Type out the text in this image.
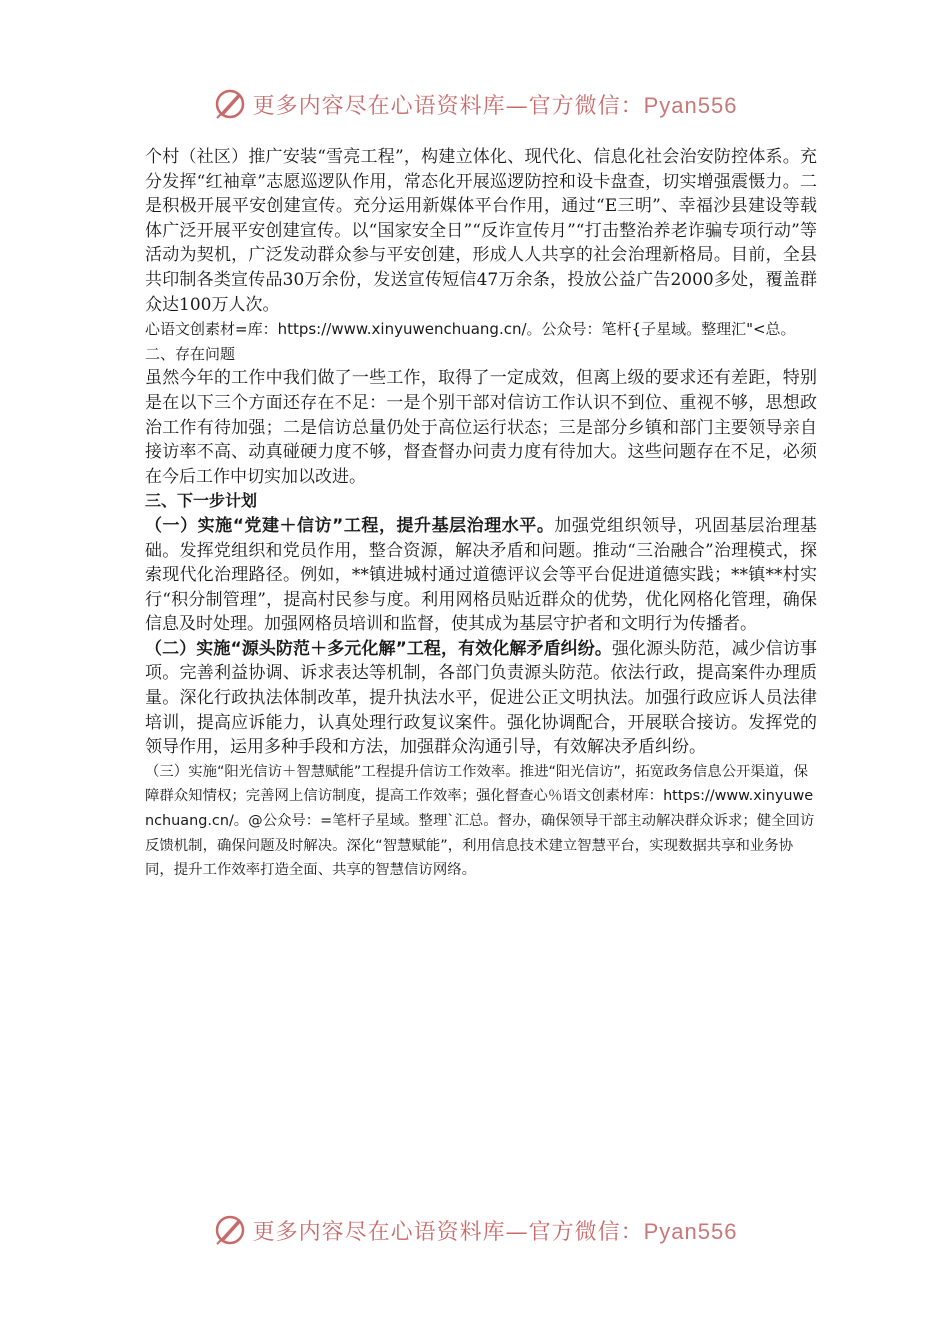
更多内容尽在心语资料库—官方微信：Pyan556

个村（社区）推广安装“雪亮工程”，构建立体化、现代化、信息化社会治安防控体系。充分发挥“红袖章”志愿巡逻队作用，常态化开展巡逻防控和设卡盘查，切实增强震慑力。二是积极开展平安创建宣传。充分运用新媒体平台作用，通过“E三明”、幸福沙县建设等载体广泛开展平安创建宣传。以“国家安全日”“反诈宣传月”“打击整治养老诈骗专项行动”等活动为契机，广泛发动群众参与平安创建，形成人人共享的社会治理新格局。目前，全县共印制各类宣传品30万余份，发送宣传短信47万余条，投放公益广告2000多处，覆盖群众达100万人次。

心语文创素材=库：https://www.xinyuwenchuang.cn/。公众号：笔杆{子星域。整理汇"<总。二、存在问题

虽然今年的工作中我们做了一些工作，取得了一定成效，但离上级的要求还有差距，特别是在以下三个方面还存在不足：一是个别干部对信访工作认识不到位、重视不够，思想政治工作有待加强；二是信访总量仍处于高位运行状态；三是部分乡镇和部门主要领导亲自接访率不高、动真碰硬力度不够，督查督办问责力度有待加大。这些问题存在不足，必须在今后工作中切实加以改进。

三、下一步计划

（一）实施“党建＋信访”工程，提升基层治理水平。加强党组织领导，巩固基层治理基础。发挥党组织和党员作用，整合资源，解决矛盾和问题。推动“三治融合”治理模式，探索现代化治理路径。例如，**镇进城村通过道德评议会等平台促进道德实践；**镇**村实行“积分制管理”，提高村民参与度。利用网格员贴近群众的优势，优化网格化管理，确保信息及时处理。加强网格员培训和监督，使其成为基层守护者和文明行为传播者。

（二）实施“源头防范＋多元化解”工程，有效化解矛盾纠纷。强化源头防范，减少信访事项。完善利益协调、诉求表达等机制，各部门负责源头防范。依法行政，提高案件办理质量。深化行政执法体制改革，提升执法水平，促进公正文明执法。加强行政应诉人员法律培训，提高应诉能力，认真处理行政复议案件。强化协调配合，开展联合接访。发挥党的领导作用，运用多种手段和方法，加强群众沟通引导，有效解决矛盾纠纷。

（三）实施“阳光信访＋智慧赋能”工程提升信访工作效率。推进“阳光信访”，拓宽政务信息公开渠道，保障群众知情权；完善网上信访制度，提高工作效率；强化督查心％语文创素材库：https://www.xinyuwenchuang.cn/。@公众号：=笔杆子星域。整理`汇总。督办，确保领导干部主动解决群众诉求；健全回访反馈机制，确保问题及时解决。深化“智慧赋能”，利用信息技术建立智慧平台，实现数据共享和业务协同，提升工作效率打造全面、共享的智慧信访网络。

更多内容尽在心语资料库—官方微信：Pyan556
